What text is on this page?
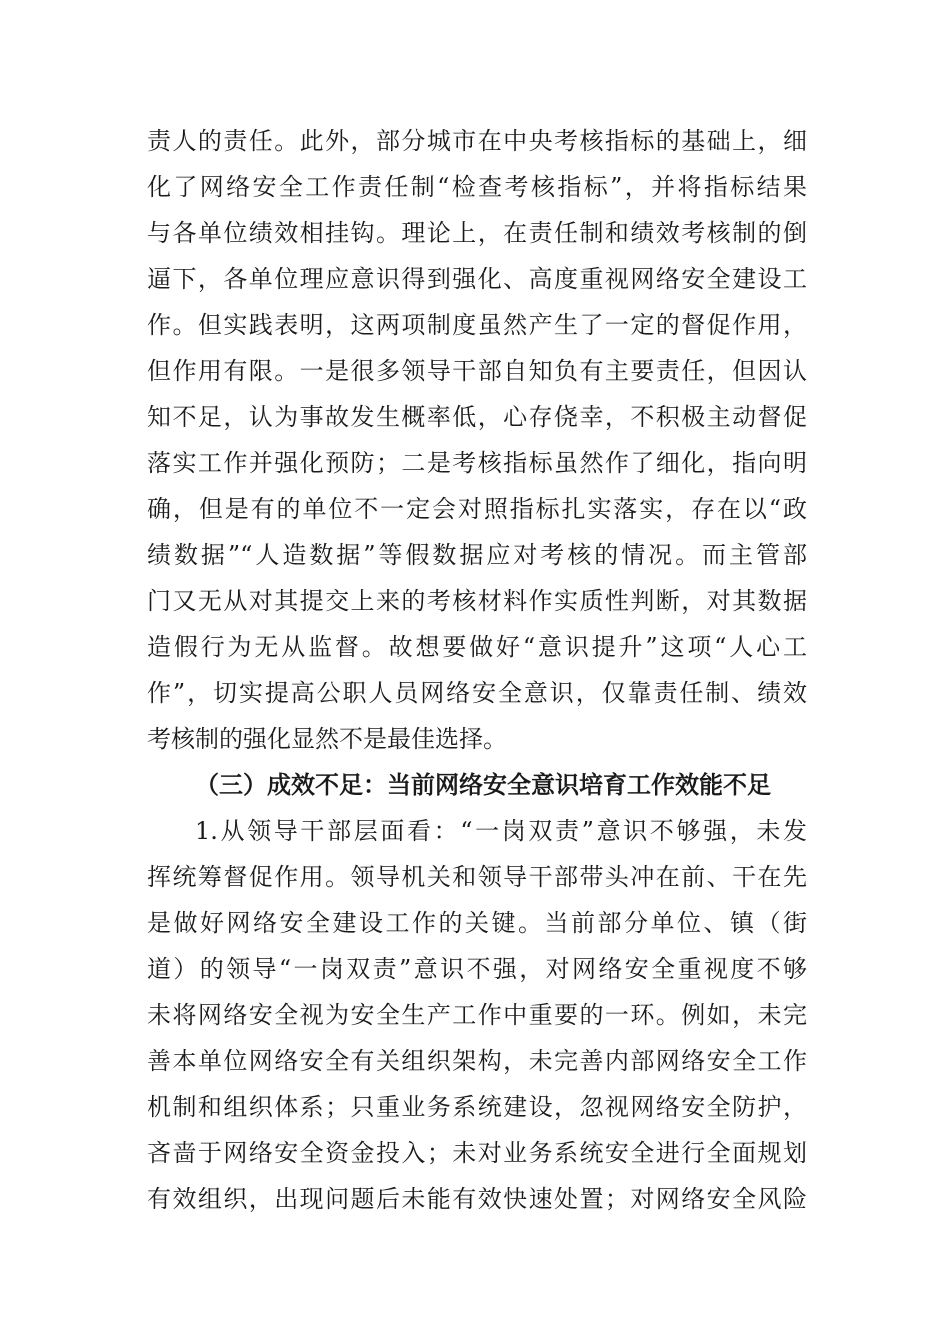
责人的责任。此外，部分城市在中央考核指标的基础上，细
化了网络安全工作责任制“检查考核指标”，并将指标结果
与各单位绩效相挂钩。理论上，在责任制和绩效考核制的倒
逼下，各单位理应意识得到强化、高度重视网络安全建设工
作。但实践表明，这两项制度虽然产生了一定的督促作用，
但作用有限。一是很多领导干部自知负有主要责任，但因认
知不足，认为事故发生概率低，心存侥幸，不积极主动督促
落实工作并强化预防；二是考核指标虽然作了细化，指向明
确，但是有的单位不一定会对照指标扎实落实，存在以“政
绩数据”“人造数据”等假数据应对考核的情况。而主管部
门又无从对其提交上来的考核材料作实质性判断，对其数据
造假行为无从监督。故想要做好“意识提升”这项“人心工
作”，切实提高公职人员网络安全意识，仅靠责任制、绩效
考核制的强化显然不是最佳选择。
（三）成效不足：当前网络安全意识培育工作效能不足
1.从领导干部层面看：“一岗双责”意识不够强，未发
挥统筹督促作用。领导机关和领导干部带头冲在前、干在先
是做好网络安全建设工作的关键。当前部分单位、镇（街
道）的领导“一岗双责”意识不强，对网络安全重视度不够
未将网络安全视为安全生产工作中重要的一环。例如，未完
善本单位网络安全有关组织架构，未完善内部网络安全工作
机制和组织体系；只重业务系统建设，忽视网络安全防护，
吝啬于网络安全资金投入；未对业务系统安全进行全面规划
有效组织，出现问题后未能有效快速处置；对网络安全风险
